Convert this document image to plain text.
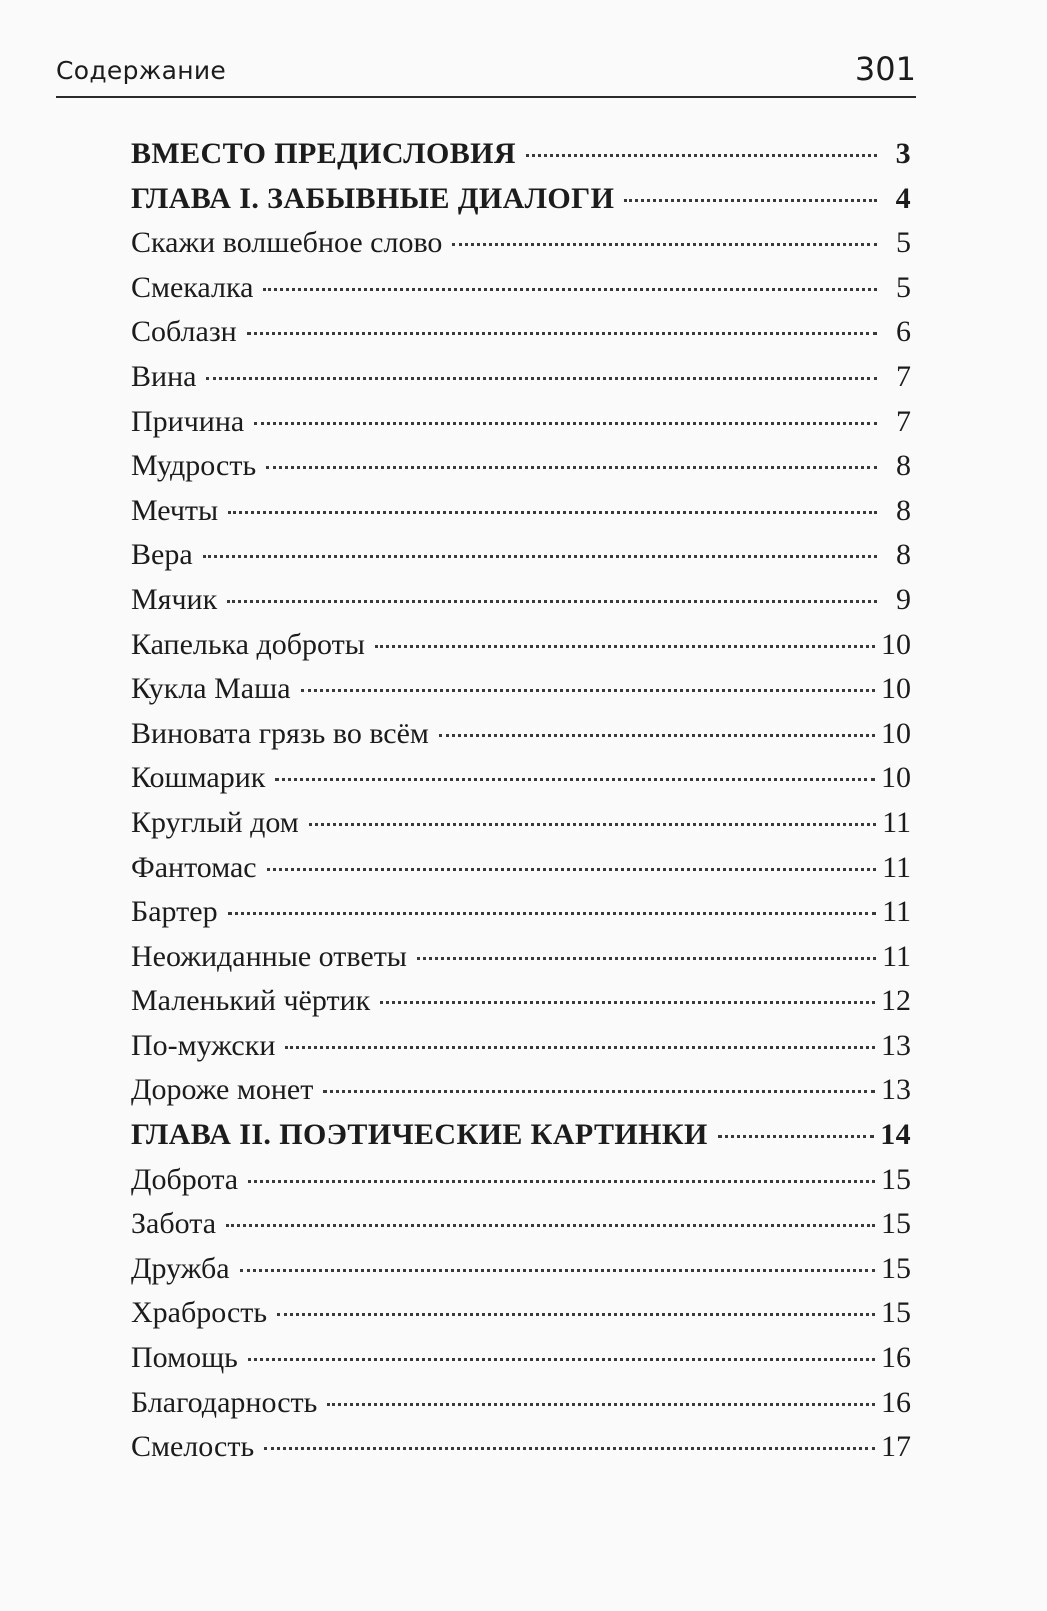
Содержание	301
ВМЕСТО ПРЕДИСЛОВИЯ	3
ГЛАВА I. ЗАБЫВНЫЕ ДИАЛОГИ	4
Скажи волшебное слово	5
Смекалка	5
Соблазн	6
Вина	7
Причина	7
Мудрость	8
Мечты	8
Вера	8
Мячик	9
Капелька доброты	10
Кукла Маша	10
Виновата грязь во всём	10
Кошмарик	10
Круглый дом	11
Фантомас	11
Бартер	11
Неожиданные ответы	11
Маленький чёртик	12
По-мужски	13
Дороже монет	13
ГЛАВА II. ПОЭТИЧЕСКИЕ КАРТИНКИ	14
Доброта	15
Забота	15
Дружба	15
Храбрость	15
Помощь	16
Благодарность	16
Смелость	17
